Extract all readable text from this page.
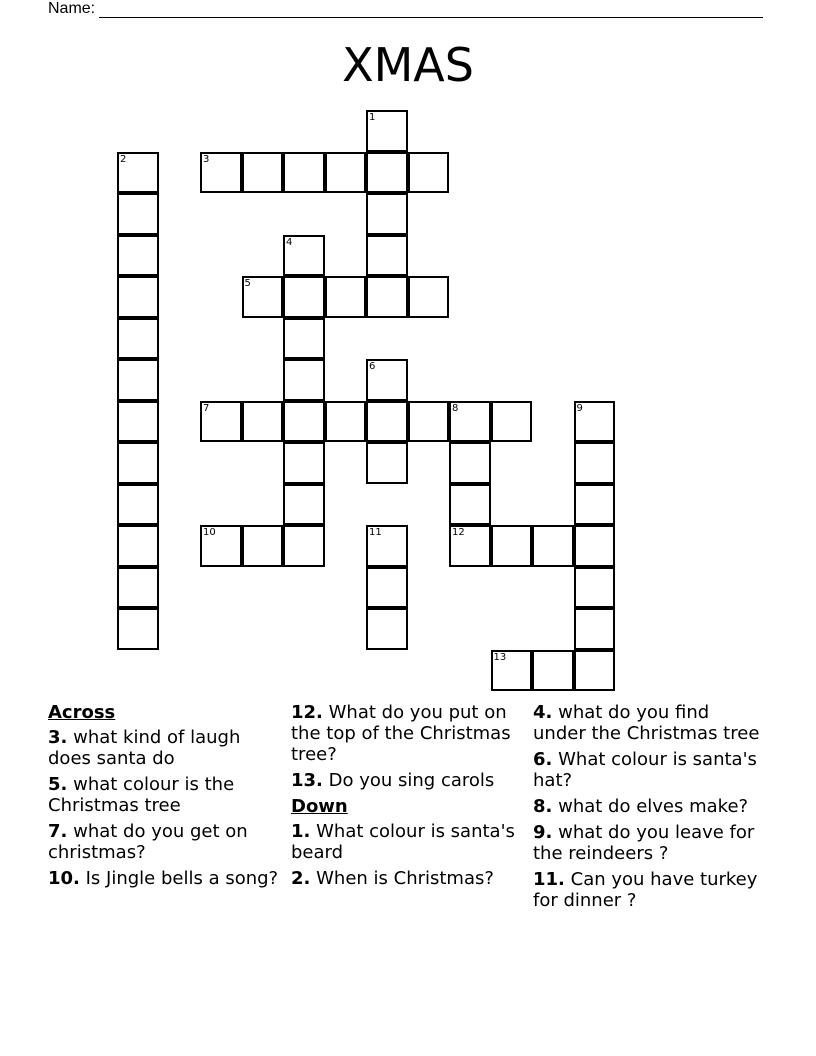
Name:
XMAS
1
2	3
4
5
6
7	8	9
10	11	12
13
Across
3. what kind of laugh does santa do
5. what colour is the Christmas tree
7. what do you get on christmas?
10. Is Jingle bells a song?
12. What do you put on the top of the Christmas tree?
13. Do you sing carols
Down
1. What colour is santa's beard
2. When is Christmas?
4. what do you find under the Christmas tree
6. What colour is santa's hat?
8. what do elves make?
9. what do you leave for the reindeers ?
11. Can you have turkey for dinner ?
